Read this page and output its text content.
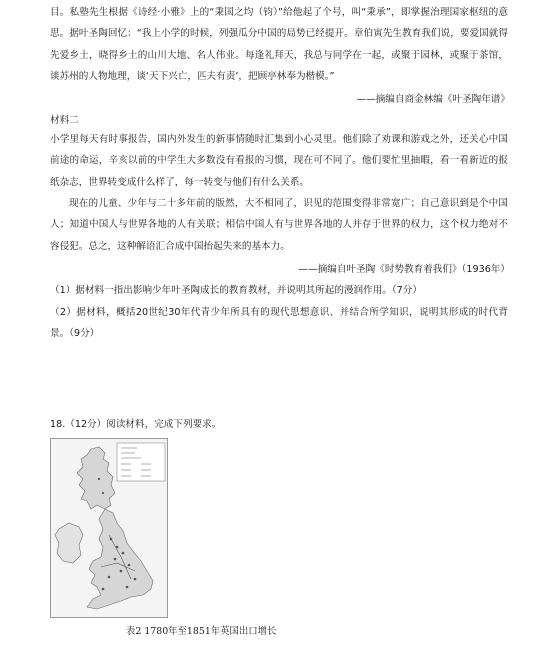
目。私塾先生根据《诗经·小雅》上的“秉国之均（钧）”给他起了个号，叫“秉承”，即掌握治理国家枢纽的意思。据叶圣陶回忆：“我上小学的时候，列强瓜分中国的局势已经提开。章伯寅先生教育我们说，要爱国就得先爱乡土，晓得乡土的山川大地、名人伟业。每逢礼拜天，我总与同学在一起，或聚于园林，或聚于茶馆，谈苏州的人物地理，谈‘天下兴亡，匹夫有责’，把顾亭林奉为楷模。”
——摘编自商金林编《叶圣陶年谱》
材料二
小学里每天有时事报告，国内外发生的新事情随时汇集到小心灵里。他们除了劝课和游戏之外，还关心中国前途的命运，辛亥以前的中学生大多数没有看报的习惯，现在可不同了。他们要忙里抽暇，看一看新近的报纸杂志，世界转变成什么样了，每一转变与他们有什么关系。
现在的儿童、少年与二十多年前的版然，大不相同了，识见的范围变得非常宽广；自己意识到是个中国人；知道中国人与世界各地的人有关联；相信中国人有与世界各地的人并存于世界的权力，这个权力绝对不容侵犯。总之，这种解语汇合成中国抬起失来的基本力。
——摘编自叶圣陶《时势教育着我们》（1936年）
（1）据材料一指出影响少年叶圣陶成长的教育教材，并说明其所起的漫润作用。（7分）
（2）据材料，概括20世纪30年代青少年所具有的现代思想意识、并结合所学知识，说明其形成的时代背景。（9分）
18.（12分）阅读材料，完成下列要求。
表2 1780年至1851年英国出口增长
